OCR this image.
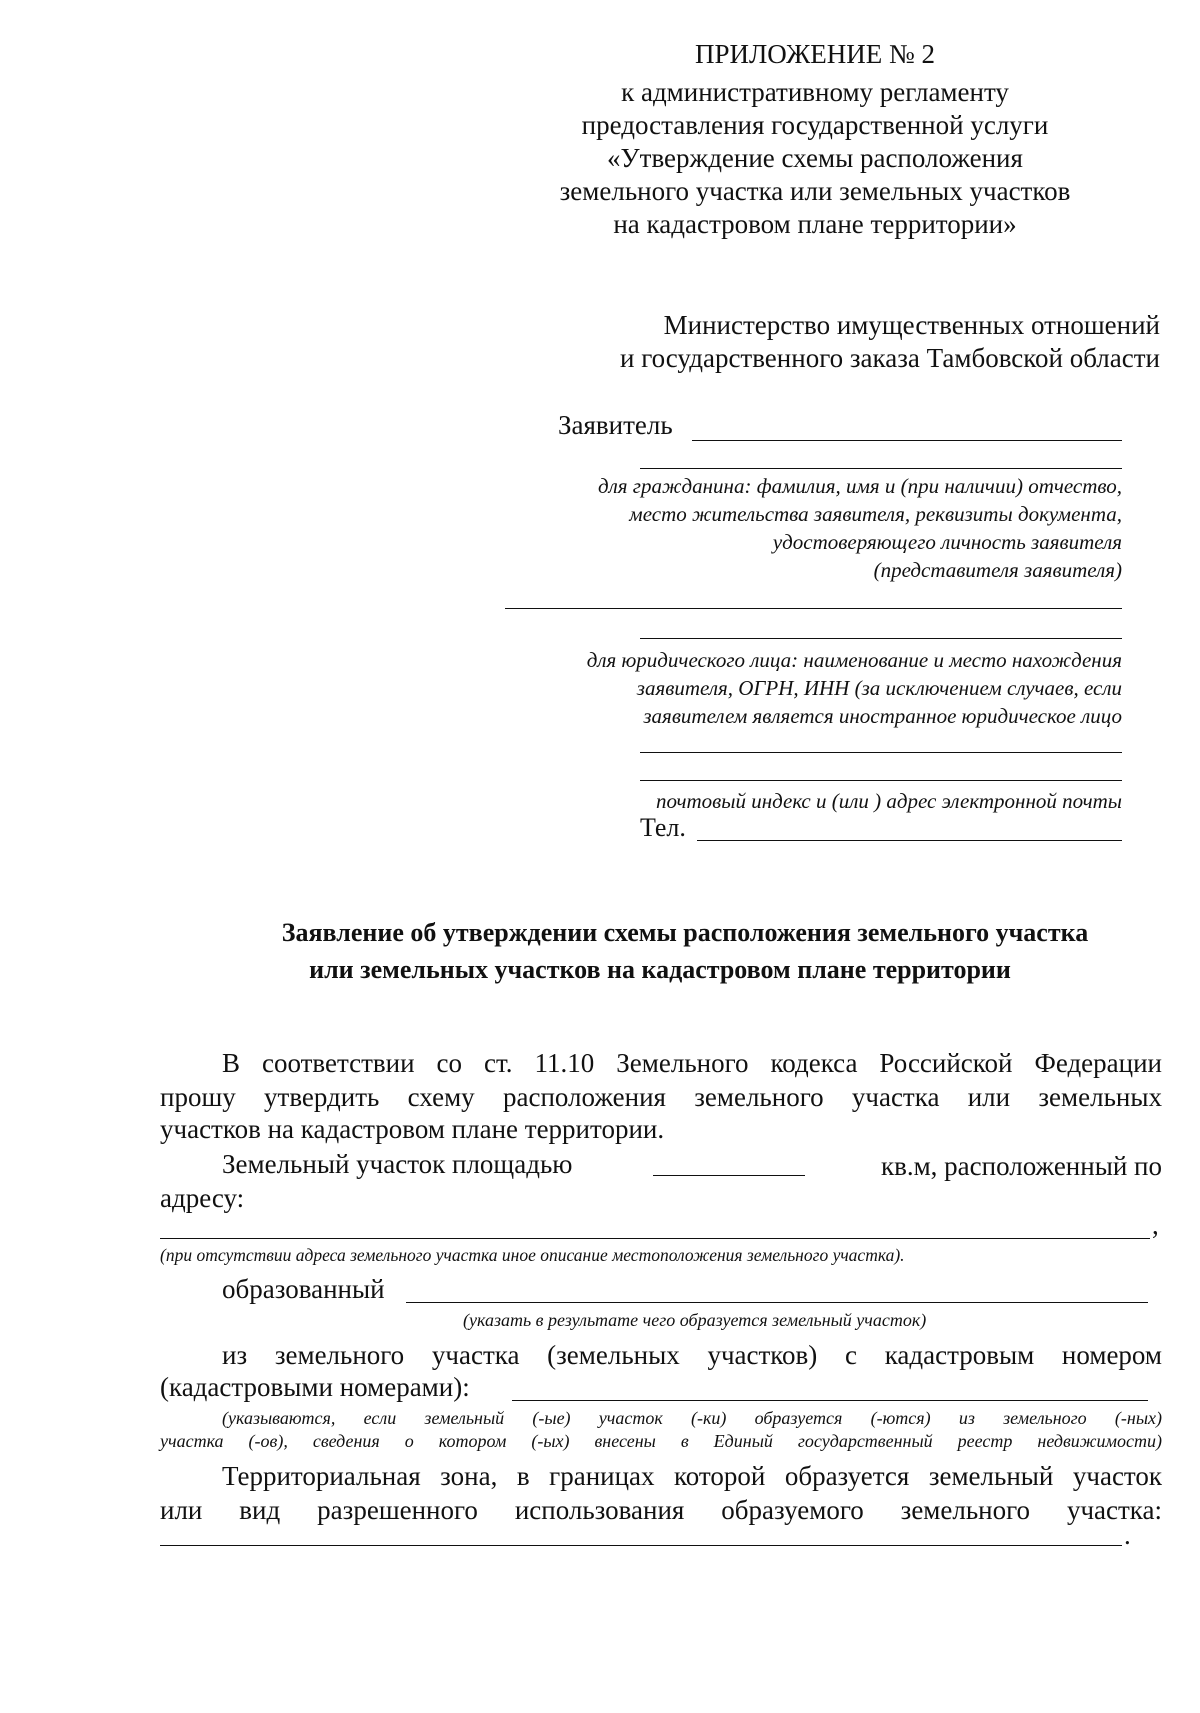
ПРИЛОЖЕНИЕ № 2
к административному регламенту
предоставления государственной услуги
«Утверждение схемы расположения
земельного участка или земельных участков
на кадастровом плане территории»
Министерство имущественных отношений
и государственного заказа Тамбовской области
Заявитель
для гражданина: фамилия, имя и (при наличии) отчество,
место жительства заявителя, реквизиты документа,
удостоверяющего личность заявителя
(представителя заявителя)
для юридического лица: наименование и место нахождения
заявителя, ОГРН, ИНН (за исключением случаев, если
заявителем является иностранное юридическое лицо
почтовый индекс и (или ) адрес электронной почты
Тел.
Заявление об утверждении схемы расположения земельного участка
или земельных участков на кадастровом плане территории
В соответствии со ст. 11.10 Земельного кодекса Российской Федерации
прошу утвердить схему расположения земельного участка или земельных
участков на кадастровом плане территории.
Земельный участок площадью	кв.м, расположенный по
адресу:
,
(при отсутствии адреса земельного участка иное описание местоположения земельного участка).
образованный
(указать в результате чего образуется земельный участок)
из земельного участка (земельных участков) с кадастровым номером
(кадастровыми номерами):
(указываются, если земельный (-ые) участок (-ки) образуется (-ются) из земельного (-ных)
участка (-ов), сведения о котором (-ых) внесены в Единый государственный реестр недвижимости)
Территориальная зона, в границах которой образуется земельный участок
или вид разрешенного использования образуемого земельного участка:
.
